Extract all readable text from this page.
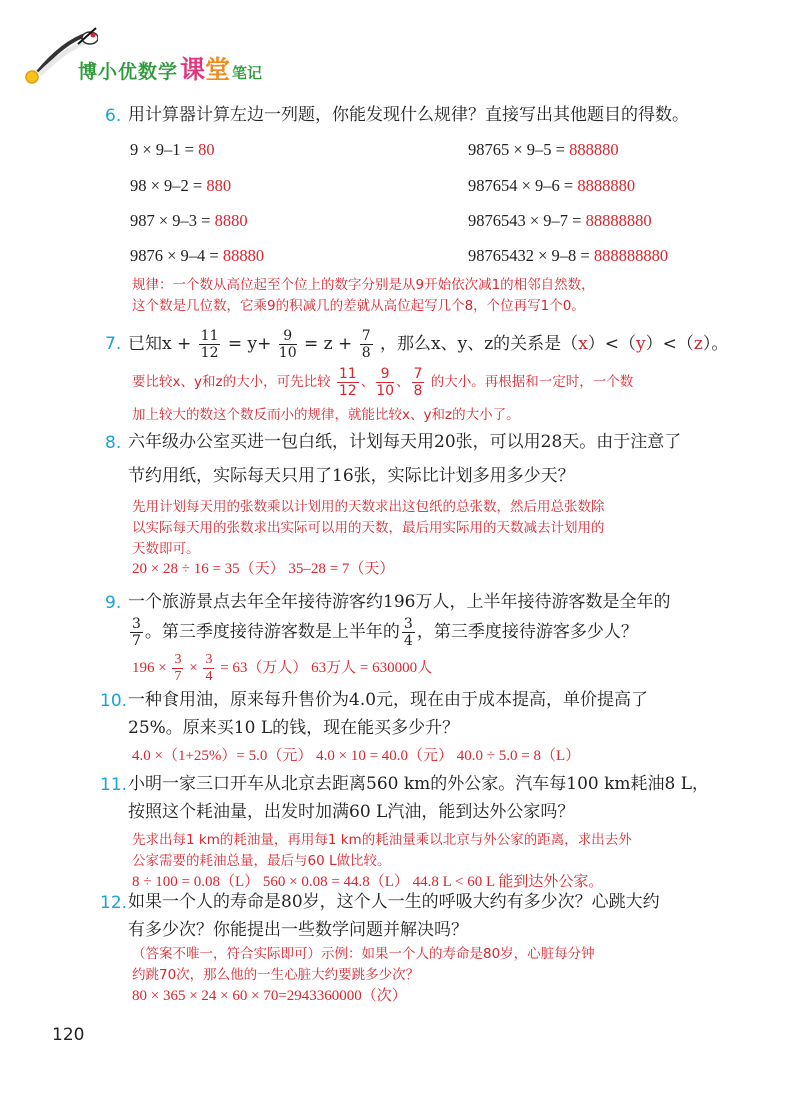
博小优数学课堂 笔记
6. 用计算器计算左边一列题，你能发现什么规律？直接写出其他题目的得数。
9 × 9–1 = 80
98 × 9–2 = 880
987 × 9–3 = 8880
9876 × 9–4 = 88880
98765 × 9–5 = 888880
987654 × 9–6 = 8888880
9876543 × 9–7 = 88888880
98765432 × 9–8 = 888888880
规律：一个数从高位起至个位上的数字分别是从9开始依次减1的相邻自然数，
这个数是几位数，它乘9的积减几的差就从高位起写几个8，个位再写1个0。
7. 已知$x + \frac{11}{12} = y+ \frac{9}{10} = z + \frac{7}{8}$ ，那么x、y、z的关系是（x）<（y）<（z）。
要比较x、y和z的大小，可先比较 $\frac{11}{12}$ 、 $\frac{9}{10}$ 、 $\frac{7}{8}$ 的大小。再根据和一定时，一个数
加上较大的数这个数反而小的规律，就能比较x、y和z的大小了。
8. 六年级办公室买进一包白纸，计划每天用20张，可以用28天。由于注意了
节约用纸，实际每天只用了16张，实际比计划多用多少天？
先用计划每天用的张数乘以计划用的天数求出这包纸的总张数，然后用总张数除
以实际每天用的张数求出实际可以用的天数，最后用实际用的天数减去计划用的
天数即可。
20 × 28 ÷ 16 = 35（天） 35–28 = 7（天）
9. 一个旅游景点去年全年接待游客约196万人，上半年接待游客数是全年的
$\frac{3}{7}$ 。第三季度接待游客数是上半年的 $\frac{3}{4}$ ，第三季度接待游客多少人？
$196 \times \frac{3}{7} \times \frac{3}{4} = 63$（万人） 63万人 = 630000人
10. 一种食用油，原来每升售价为4.0元，现在由于成本提高，单价提高了
25%。原来买10 L的钱，现在能买多少升？
4.0 ×（1+25%）= 5.0（元） 4.0 × 10 = 40.0（元） 40.0 ÷ 5.0 = 8（L）
11. 小明一家三口开车从北京去距离560 km的外公家。汽车每100 km耗油8 L，
按照这个耗油量，出发时加满60 L汽油，能到达外公家吗？
先求出每1 km的耗油量，再用每1 km的耗油量乘以北京与外公家的距离，求出去外
公家需要的耗油总量，最后与60 L做比较。
8 ÷ 100 = 0.08（L） 560 × 0.08 = 44.8（L） 44.8 L < 60 L 能到达外公家。
12. 如果一个人的寿命是80岁，这个人一生的呼吸大约有多少次？心跳大约
有多少次？你能提出一些数学问题并解决吗？
（答案不唯一，符合实际即可）示例：如果一个人的寿命是80岁，心脏每分钟
约跳70次，那么他的一生心脏大约要跳多少次？
80 × 365 × 24 × 60 × 70=2943360000（次）
120
